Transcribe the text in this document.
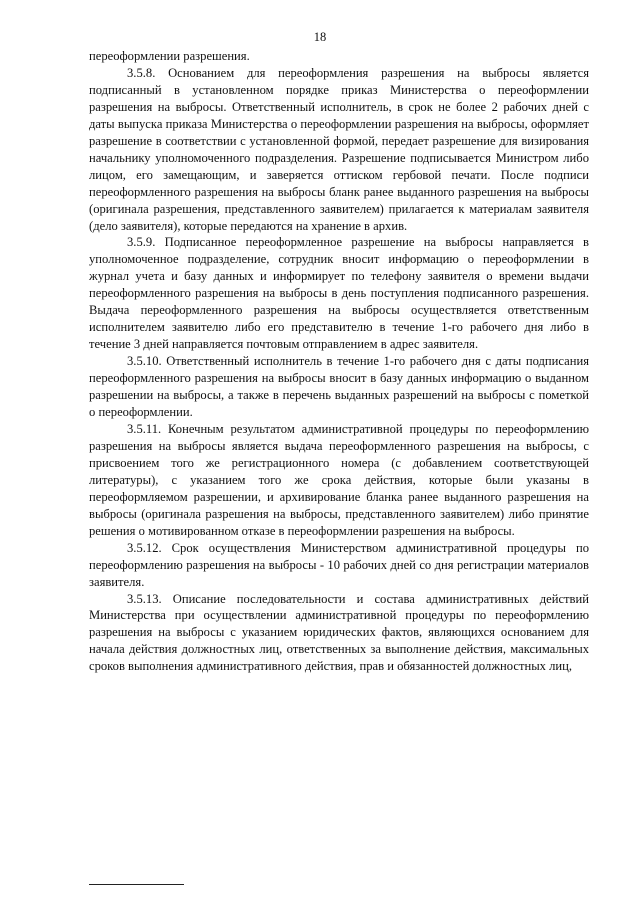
18

переоформлении разрешения.

3.5.8. Основанием для переоформления разрешения на выбросы является подписанный в установленном порядке приказ Министерства о переоформлении разрешения на выбросы. Ответственный исполнитель, в срок не более 2 рабочих дней с даты выпуска приказа Министерства о переоформлении разрешения на выбросы, оформляет разрешение в соответствии с установленной формой, передает разрешение для визирования начальнику уполномоченного подразделения. Разрешение подписывается Министром либо лицом, его замещающим, и заверяется оттиском гербовой печати. После подписи переоформленного разрешения на выбросы бланк ранее выданного разрешения на выбросы (оригинала разрешения, представленного заявителем) прилагается к материалам заявителя (дело заявителя), которые передаются на хранение в архив.

3.5.9. Подписанное переоформленное разрешение на выбросы направляется в уполномоченное подразделение, сотрудник вносит информацию о переоформлении в журнал учета и базу данных и информирует по телефону заявителя о времени выдачи переоформленного разрешения на выбросы в день поступления подписанного разрешения. Выдача переоформленного разрешения на выбросы осуществляется ответственным исполнителем заявителю либо его представителю в течение 1-го рабочего дня либо в течение 3 дней направляется почтовым отправлением в адрес заявителя.

3.5.10. Ответственный исполнитель в течение 1-го рабочего дня с даты подписания переоформленного разрешения на выбросы вносит в базу данных информацию о выданном разрешении на выбросы, а также в перечень выданных разрешений на выбросы с пометкой о переоформлении.

3.5.11. Конечным результатом административной процедуры по переоформлению разрешения на выбросы является выдача переоформленного разрешения на выбросы, с присвоением того же регистрационного номера (с добавлением соответствующей литературы), с указанием того же срока действия, которые были указаны в переоформляемом разрешении, и архивирование бланка ранее выданного разрешения на выбросы (оригинала разрешения на выбросы, представленного заявителем) либо принятие решения о мотивированном отказе в переоформлении разрешения на выбросы.

3.5.12. Срок осуществления Министерством административной процедуры по переоформлению разрешения на выбросы - 10 рабочих дней со дня регистрации материалов заявителя.

3.5.13. Описание последовательности и состава административных действий Министерства при осуществлении административной процедуры по переоформлению разрешения на выбросы с указанием юридических фактов, являющихся основанием для начала действия должностных лиц, ответственных за выполнение действия, максимальных сроков выполнения административного действия, прав и обязанностей должностных лиц,
